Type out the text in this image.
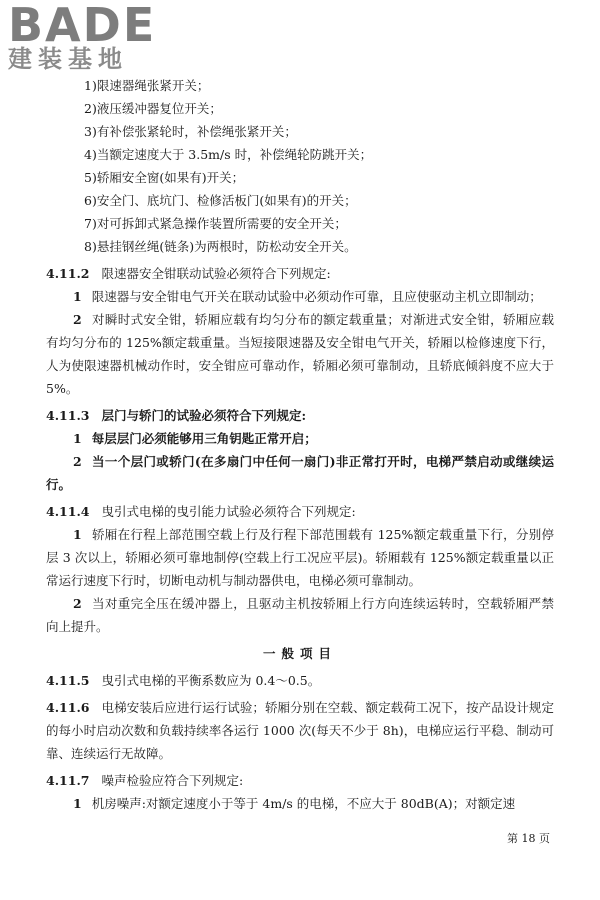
BADE
建装基地
1)限速器绳张紧开关；
2)液压缓冲器复位开关；
3)有补偿张紧轮时，补偿绳张紧开关；
4)当额定速度大于 3.5m/s 时，补偿绳轮防跳开关；
5)轿厢安全窗(如果有)开关；
6)安全门、底坑门、检修活板门(如果有)的开关；
7)对可拆卸式紧急操作装置所需要的安全开关；
8)悬挂钢丝绳(链条)为两根时，防松动安全开关。
4.11.2 限速器安全钳联动试验必须符合下列规定:
1 限速器与安全钳电气开关在联动试验中必须动作可靠，且应使驱动主机立即制动；
2 对瞬时式安全钳，轿厢应载有均匀分布的额定载重量；对渐进式安全钳，轿厢应载有均匀分布的 125%额定载重量。当短接限速器及安全钳电气开关，轿厢以检修速度下行，人为使限速器机械动作时，安全钳应可靠动作，轿厢必须可靠制动，且轿底倾斜度不应大于 5%。
4.11.3 层门与轿门的试验必须符合下列规定:
1 每层层门必须能够用三角钥匙正常开启；
2 当一个层门或轿门(在多扇门中任何一扇门)非正常打开时，电梯严禁启动或继续运行。
4.11.4 曳引式电梯的曳引能力试验必须符合下列规定:
1 轿厢在行程上部范围空载上行及行程下部范围载有 125%额定载重量下行，分别停层 3 次以上，轿厢必须可靠地制停(空载上行工况应平层)。轿厢载有 125%额定载重量以正常运行速度下行时，切断电动机与制动器供电，电梯必须可靠制动。
2 当对重完全压在缓冲器上，且驱动主机按轿厢上行方向连续运转时，空载轿厢严禁向上提升。
一般项目
4.11.5 曳引式电梯的平衡系数应为 0.4～0.5。
4.11.6 电梯安装后应进行运行试验；轿厢分别在空载、额定载荷工况下，按产品设计规定的每小时启动次数和负载持续率各运行 1000 次(每天不少于 8h)，电梯应运行平稳、制动可靠、连续运行无故障。
4.11.7 噪声检验应符合下列规定:
1 机房噪声:对额定速度小于等于 4m/s 的电梯，不应大于 80dB(A)；对额定速
第 18 页
